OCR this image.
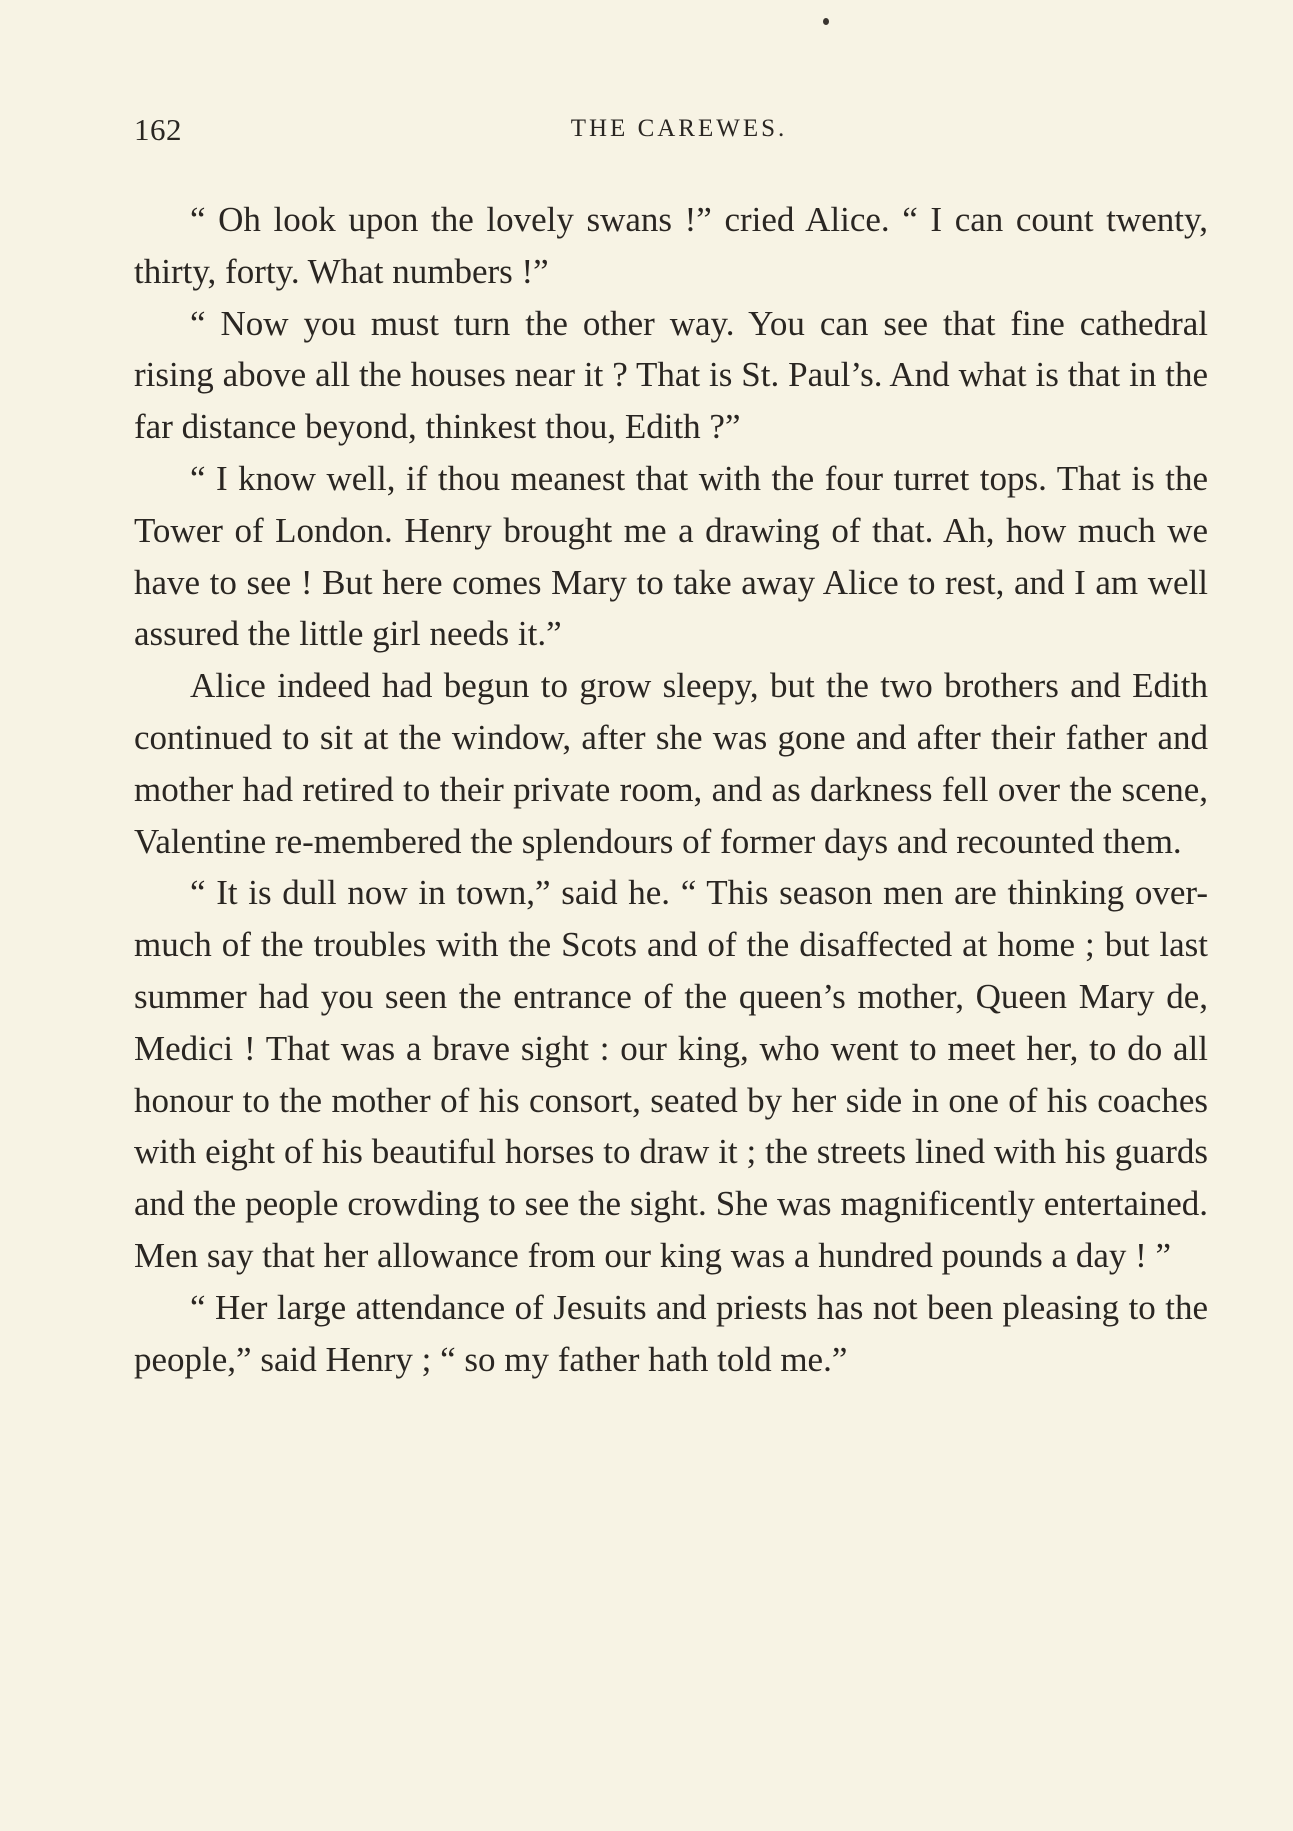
162	THE CAREWES.

“ Oh look upon the lovely swans !” cried Alice. “ I can count twenty, thirty, forty. What numbers !”

“ Now you must turn the other way. You can see that fine cathedral rising above all the houses near it ? That is St. Paul’s. And what is that in the far distance beyond, thinkest thou, Edith ?”

“ I know well, if thou meanest that with the four turret tops. That is the Tower of London. Henry brought me a drawing of that. Ah, how much we have to see ! But here comes Mary to take away Alice to rest, and I am well assured the little girl needs it.”

Alice indeed had begun to grow sleepy, but the two brothers and Edith continued to sit at the window, after she was gone and after their father and mother had retired to their private room, and as darkness fell over the scene, Valentine re-membered the splendours of former days and recounted them.

“ It is dull now in town,” said he. “ This season men are thinking over-much of the troubles with the Scots and of the disaffected at home ; but last summer had you seen the entrance of the queen’s mother, Queen Mary de, Medici ! That was a brave sight : our king, who went to meet her, to do all honour to the mother of his consort, seated by her side in one of his coaches with eight of his beautiful horses to draw it ; the streets lined with his guards and the people crowding to see the sight. She was magnificently entertained. Men say that her allowance from our king was a hundred pounds a day ! ”

“ Her large attendance of Jesuits and priests has not been pleasing to the people,” said Henry ; “ so my father hath told me.”
